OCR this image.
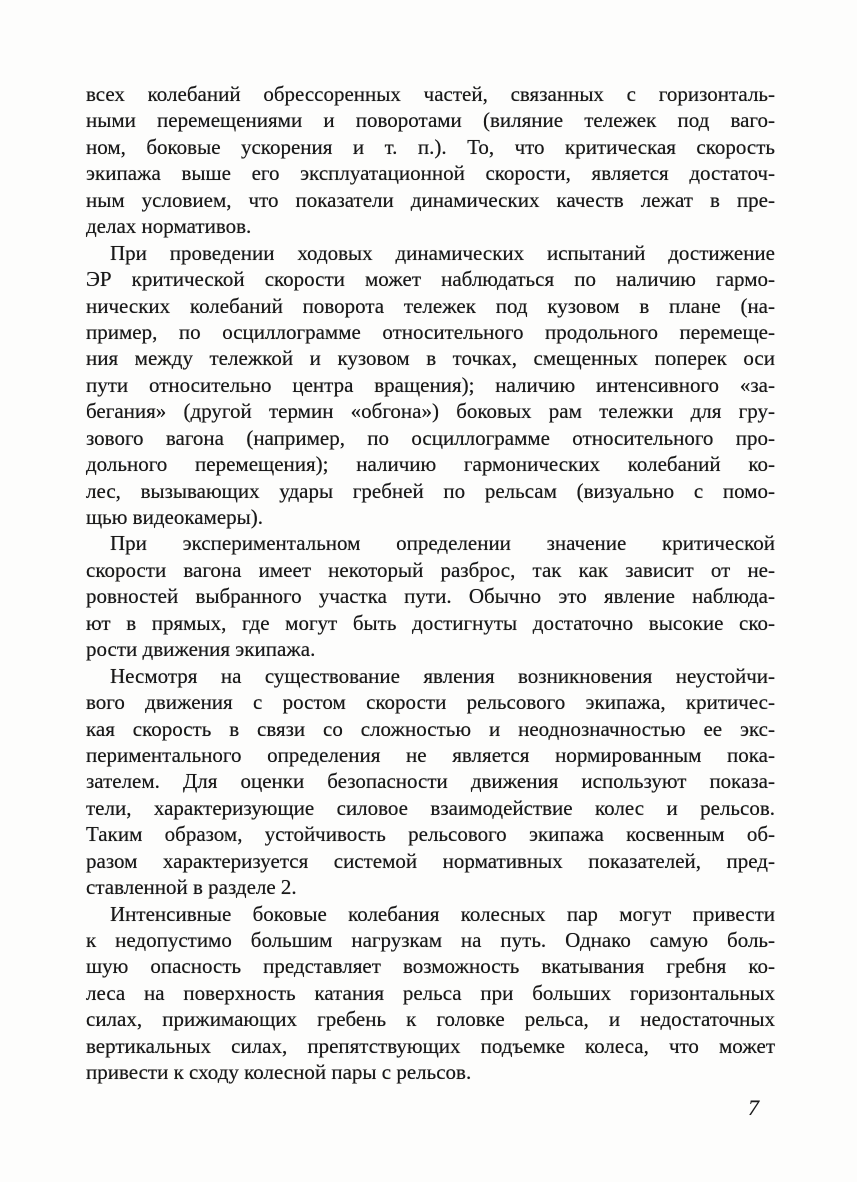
всех колебаний обрессоренных частей, связанных с горизонталь-
ными перемещениями и поворотами (виляние тележек под ваго-
ном, боковые ускорения и т. п.). То, что критическая скорость
экипажа выше его эксплуатационной скорости, является достаточ-
ным условием, что показатели динамических качеств лежат в пре-
делах нормативов.
При проведении ходовых динамических испытаний достижение
ЭР критической скорости может наблюдаться по наличию гармо-
нических колебаний поворота тележек под кузовом в плане (на-
пример, по осциллограмме относительного продольного перемеще-
ния между тележкой и кузовом в точках, смещенных поперек оси
пути относительно центра вращения); наличию интенсивного «за-
бегания» (другой термин «обгона») боковых рам тележки для гру-
зового вагона (например, по осциллограмме относительного про-
дольного перемещения); наличию гармонических колебаний ко-
лес, вызывающих удары гребней по рельсам (визуально с помо-
щью видеокамеры).
При экспериментальном определении значение критической
скорости вагона имеет некоторый разброс, так как зависит от не-
ровностей выбранного участка пути. Обычно это явление наблюда-
ют в прямых, где могут быть достигнуты достаточно высокие ско-
рости движения экипажа.
Несмотря на существование явления возникновения неустойчи-
вого движения с ростом скорости рельсового экипажа, критичес-
кая скорость в связи со сложностью и неоднозначностью ее экс-
периментального определения не является нормированным пока-
зателем. Для оценки безопасности движения используют показа-
тели, характеризующие силовое взаимодействие колес и рельсов.
Таким образом, устойчивость рельсового экипажа косвенным об-
разом характеризуется системой нормативных показателей, пред-
ставленной в разделе 2.
Интенсивные боковые колебания колесных пар могут привести
к недопустимо большим нагрузкам на путь. Однако самую боль-
шую опасность представляет возможность вкатывания гребня ко-
леса на поверхность катания рельса при больших горизонтальных
силах, прижимающих гребень к головке рельса, и недостаточных
вертикальных силах, препятствующих подъемке колеса, что может
привести к сходу колесной пары с рельсов.
7
